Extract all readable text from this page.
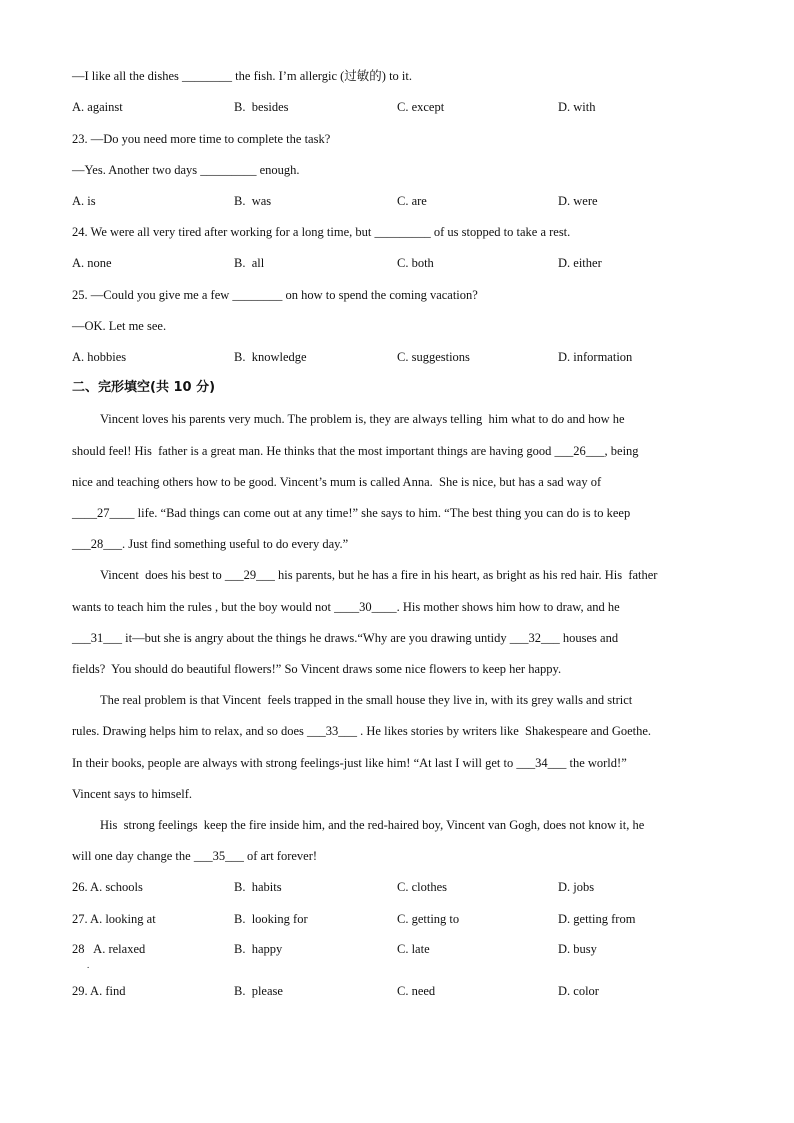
—I like all the dishes ________ the fish. I’m allergic (过敏的) to it.
A. against	B.  besides	C. except	D. with
23. —Do you need more time to complete the task?
—Yes. Another two days _________ enough.
A. is	B.  was	C. are	D. were
24. We were all very tired after working for a long time, but _________ of us stopped to take a rest.
A. none	B.  all	C. both	D. either
25. —Could you give me a few ________ on how to spend the coming vacation?
—OK. Let me see.
A. hobbies	B.  knowledge	C. suggestions	D. information
二、完形填空(共 10 分)
Vincent loves his parents very much. The problem is, they are always telling  him what to do and how he
should feel! His  father is a great man. He thinks that the most important things are having good ___26___, being
nice and teaching others how to be good. Vincent’s mum is called Anna.  She is nice, but has a sad way of
____27____ life. “Bad things can come out at any time!” she says to him. “The best thing you can do is to keep
___28___. Just find something useful to do every day.”
Vincent  does his best to ___29___ his parents, but he has a fire in his heart, as bright as his red hair. His  father
wants to teach him the rules , but the boy would not ____30____. His mother shows him how to draw, and he
___31___ it—but she is angry about the things he draws.“Why are you drawing untidy ___32___ houses and
fields?  You should do beautiful flowers!” So Vincent draws some nice flowers to keep her happy.
The real problem is that Vincent  feels trapped in the small house they live in, with its grey walls and strict
rules. Drawing helps him to relax, and so does ___33___ . He likes stories by writers like  Shakespeare and Goethe.
In their books, people are always with strong feelings-just like him! “At last I will get to ___34___ the world!”
Vincent says to himself.
His  strong feelings  keep the fire inside him, and the red-haired boy, Vincent van Gogh, does not know it, he
will one day change the ___35___ of art forever!
26. A. schools	B.  habits	C. clothes	D. jobs
27. A. looking at	B.  looking for	C. getting to	D. getting from
28   A. relaxed	B.  happy	C. late	D. busy
.
29. A. find	B.  please	C. need	D. color
